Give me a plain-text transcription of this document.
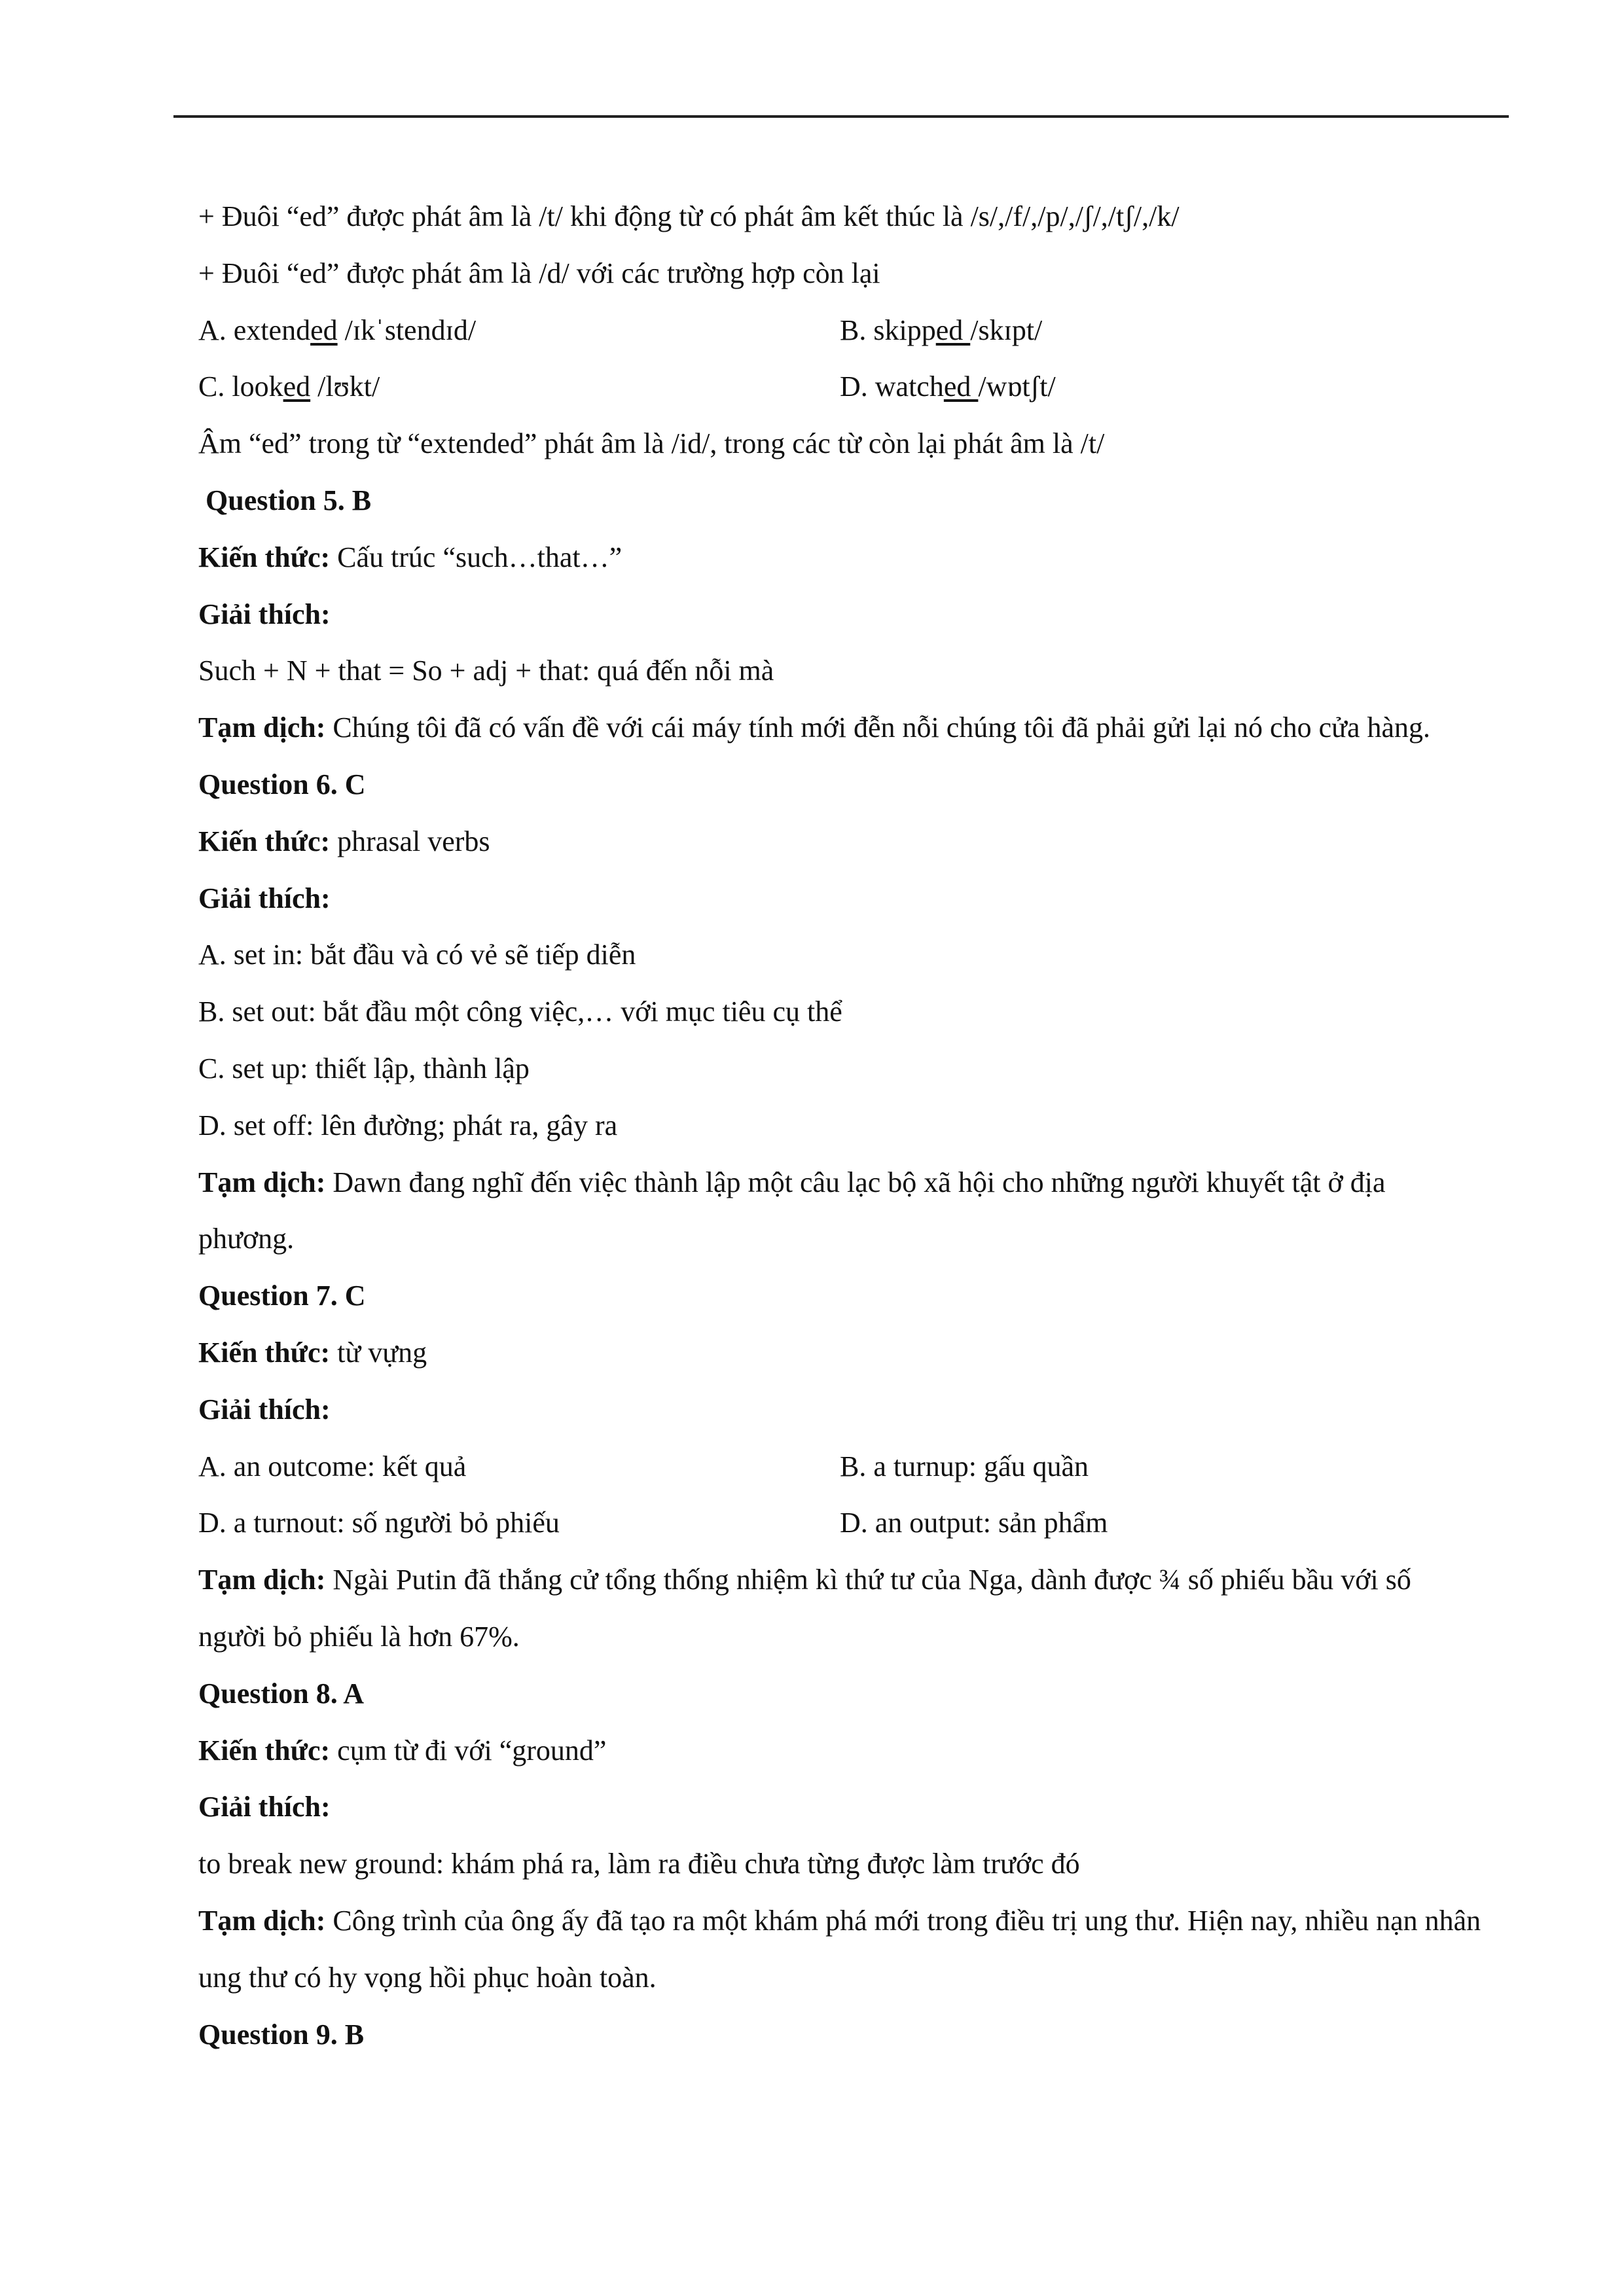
+ Đuôi “ed” được phát âm là /t/ khi động từ có phát âm kết thúc là /s/,/f/,/p/,/ʃ/,/tʃ/,/k/
+ Đuôi “ed” được phát âm là /d/ với các trường hợp còn lại
A. extended /ɪkˈstendɪd/	B. skipped /skɪpt/
C. looked /lʊkt/	D. watched /wɒtʃt/
Âm “ed” trong từ “extended” phát âm là /id/, trong các từ còn lại phát âm là /t/
Question 5. B
Kiến thức: Cấu trúc “such…that…”
Giải thích:
Such + N + that = So + adj + that: quá đến nỗi mà
Tạm dịch: Chúng tôi đã có vấn đề với cái máy tính mới đễn nỗi chúng tôi đã phải gửi lại nó cho cửa hàng.
Question 6. C
Kiến thức: phrasal verbs
Giải thích:
A. set in: bắt đầu và có vẻ sẽ tiếp diễn
B. set out: bắt đầu một công việc,… với mục tiêu cụ thể
C. set up: thiết lập, thành lập
D. set off: lên đường; phát ra, gây ra
Tạm dịch: Dawn đang nghĩ đến việc thành lập một câu lạc bộ xã hội cho những người khuyết tật ở địa phương.
Question 7. C
Kiến thức: từ vựng
Giải thích:
A. an outcome: kết quả	B. a turnup: gấu quần
D. a turnout: số người bỏ phiếu	D. an output: sản phẩm
Tạm dịch: Ngài Putin đã thắng cử tổng thống nhiệm kì thứ tư của Nga, dành được ¾ số phiếu bầu với số người bỏ phiếu là hơn 67%.
Question 8. A
Kiến thức: cụm từ đi với “ground”
Giải thích:
to break new ground: khám phá ra, làm ra điều chưa từng được làm trước đó
Tạm dịch: Công trình của ông ấy đã tạo ra một khám phá mới trong điều trị ung thư. Hiện nay, nhiều nạn nhân ung thư có hy vọng hồi phục hoàn toàn.
Question 9. B
